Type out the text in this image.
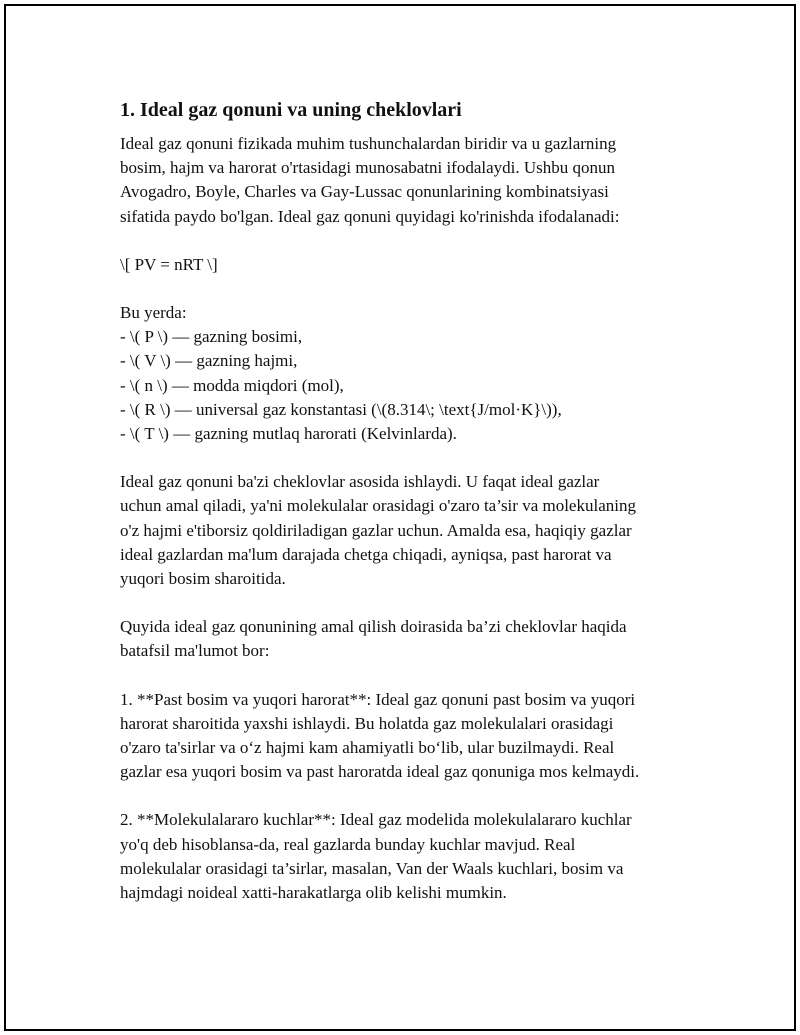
1. Ideal gaz qonuni va uning cheklovlari

Ideal gaz qonuni fizikada muhim tushunchalardan biridir va u gazlarning
bosim, hajm va harorat o'rtasidagi munosabatni ifodalaydi. Ushbu qonun
Avogadro, Boyle, Charles va Gay-Lussac qonunlarining kombinatsiyasi
sifatida paydo bo'lgan. Ideal gaz qonuni quyidagi ko'rinishda ifodalanadi:

\[ PV = nRT \]

Bu yerda:
- \( P \) — gazning bosimi,
- \( V \) — gazning hajmi,
- \( n \) — modda miqdori (mol),
- \( R \) — universal gaz konstantasi (\(8.314\; \text{J/mol·K}\)),
- \( T \) — gazning mutlaq harorati (Kelvinlarda).

Ideal gaz qonuni ba'zi cheklovlar asosida ishlaydi. U faqat ideal gazlar
uchun amal qiladi, ya'ni molekulalar orasidagi o'zaro ta’sir va molekulaning
o'z hajmi e'tiborsiz qoldiriladigan gazlar uchun. Amalda esa, haqiqiy gazlar
ideal gazlardan ma'lum darajada chetga chiqadi, ayniqsa, past harorat va
yuqori bosim sharoitida.

Quyida ideal gaz qonunining amal qilish doirasida ba’zi cheklovlar haqida
batafsil ma'lumot bor:

1. **Past bosim va yuqori harorat**: Ideal gaz qonuni past bosim va yuqori
harorat sharoitida yaxshi ishlaydi. Bu holatda gaz molekulalari orasidagi
o'zaro ta'sirlar va o‘z hajmi kam ahamiyatli bo‘lib, ular buzilmaydi. Real
gazlar esa yuqori bosim va past haroratda ideal gaz qonuniga mos kelmaydi.

2. **Molekulalararo kuchlar**: Ideal gaz modelida molekulalararo kuchlar
yo'q deb hisoblansa-da, real gazlarda bunday kuchlar mavjud. Real
molekulalar orasidagi ta’sirlar, masalan, Van der Waals kuchlari, bosim va
hajmdagi noideal xatti-harakatlarga olib kelishi mumkin.
